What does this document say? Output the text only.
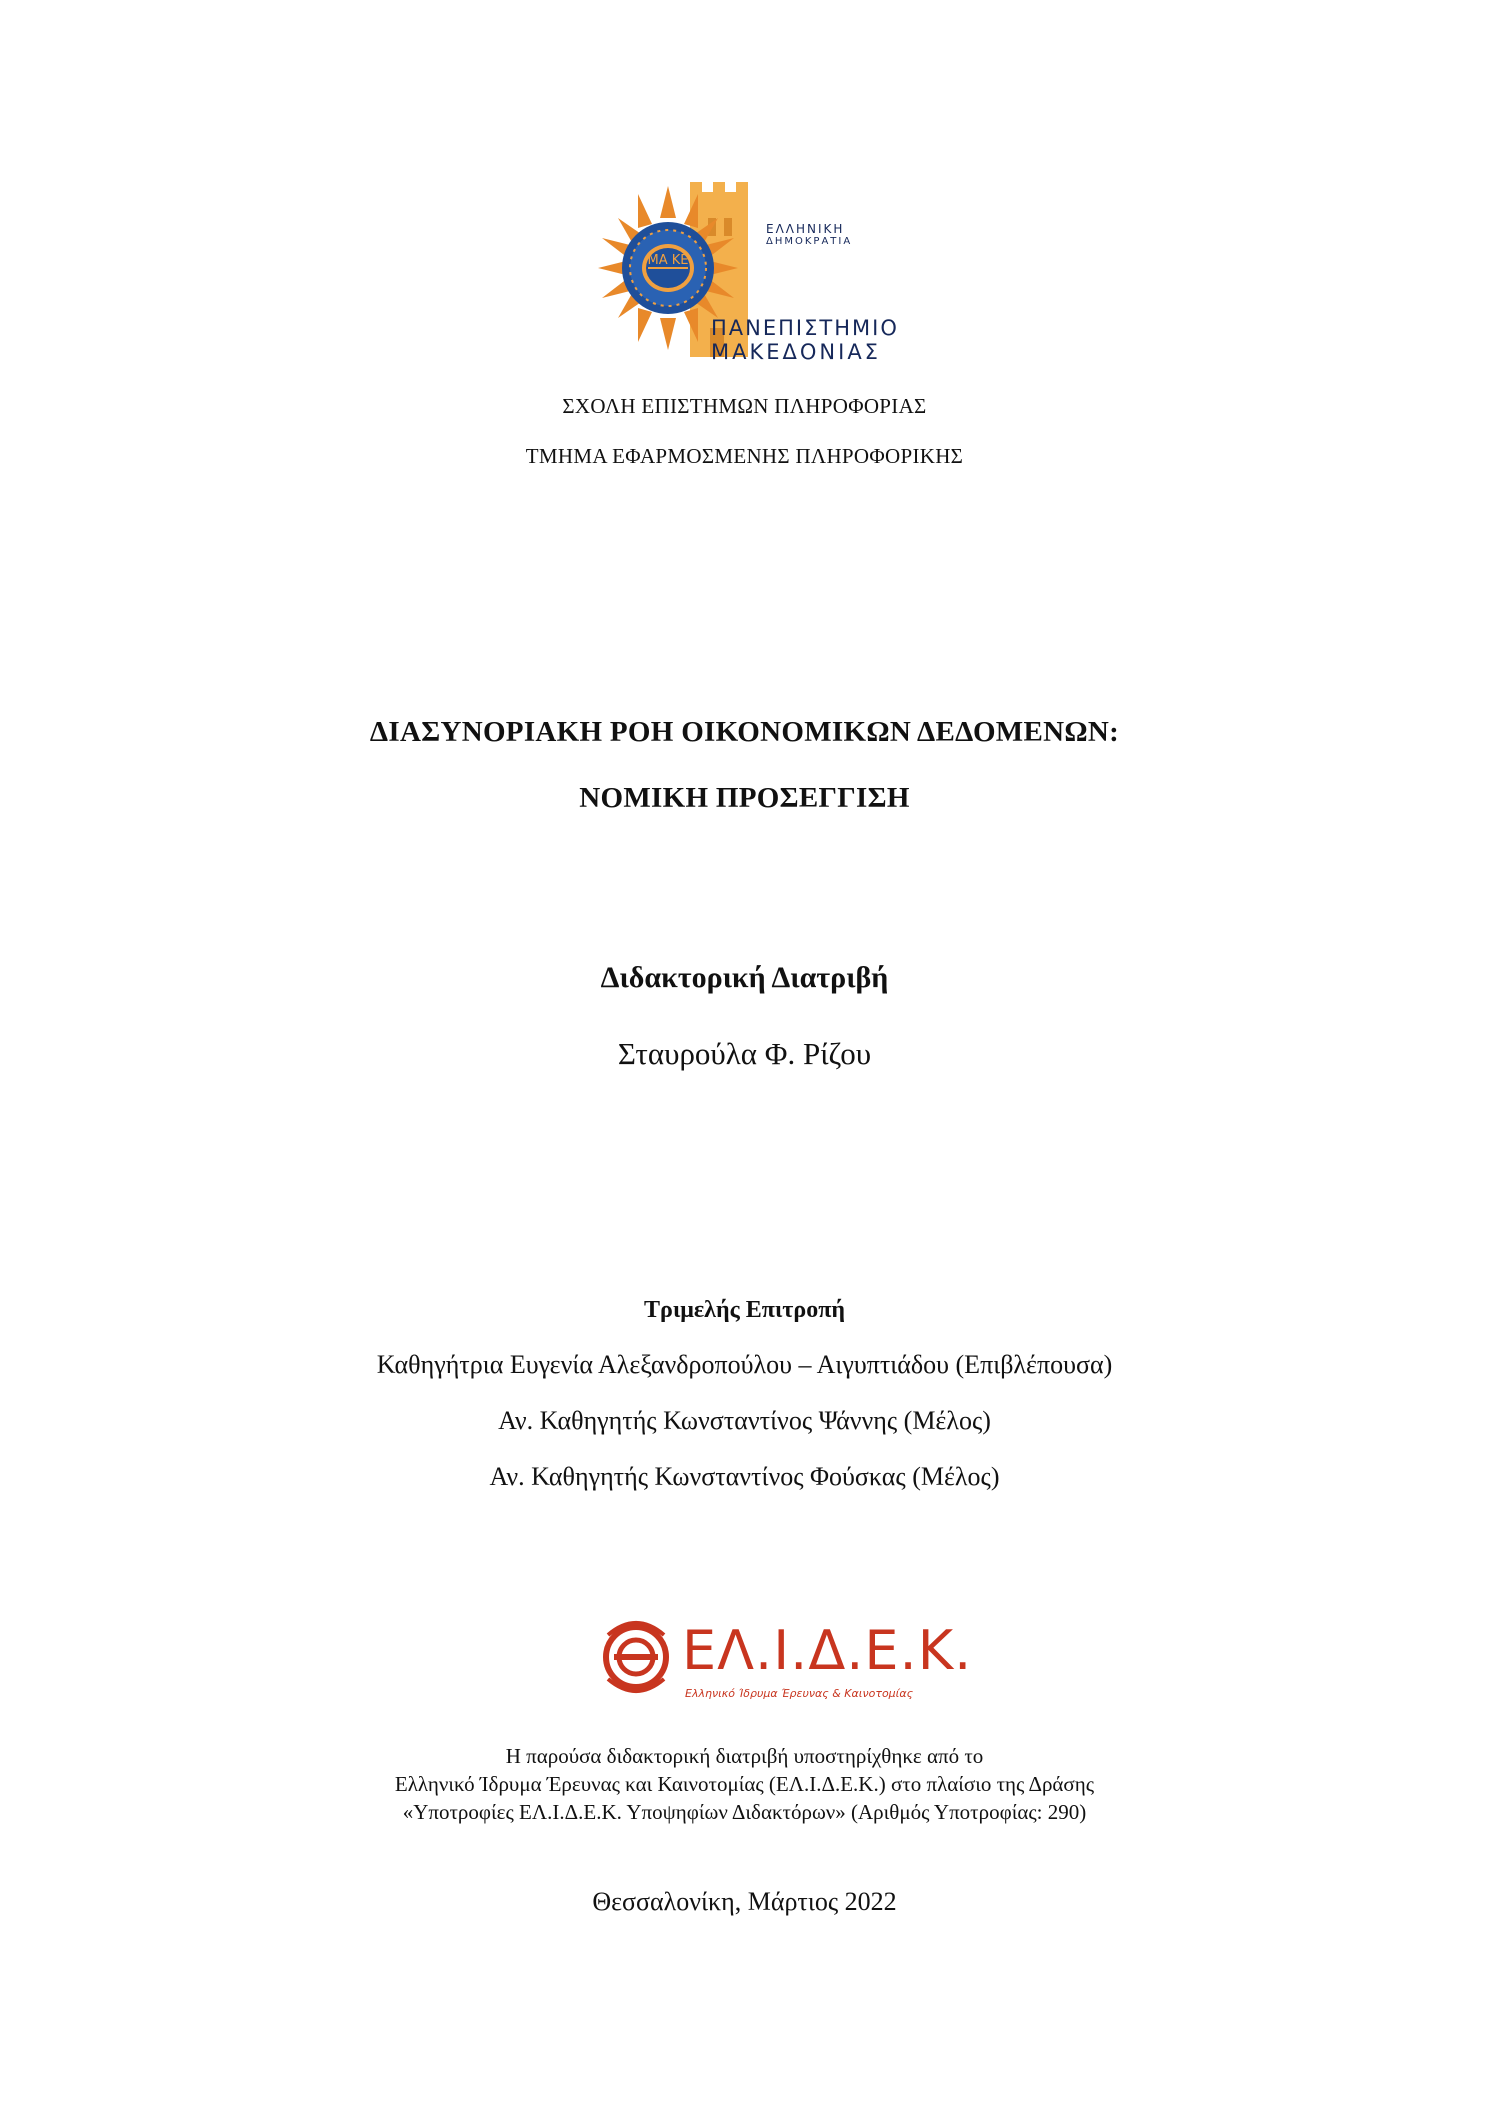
ΜΑ ΚΕ
ΕΛΛΗΝΙΚΗ
ΔΗΜΟΚΡΑΤΙΑ
ΠΑΝΕΠΙΣΤΗΜΙΟ
ΜΑΚΕΔΟΝΙΑΣ
ΣΧΟΛΗ ΕΠΙΣΤΗΜΩΝ ΠΛΗΡΟΦΟΡΙΑΣ
ΤΜΗΜΑ ΕΦΑΡΜΟΣΜΕΝΗΣ ΠΛΗΡΟΦΟΡΙΚΗΣ
ΔΙΑΣΥΝΟΡΙΑΚΗ ΡΟΗ ΟΙΚΟΝΟΜΙΚΩΝ ΔΕΔΟΜΕΝΩΝ:
ΝΟΜΙΚΗ ΠΡΟΣΕΓΓΙΣΗ
Διδακτορική Διατριβή
Σταυρούλα Φ. Ρίζου
Τριμελής Επιτροπή
Καθηγήτρια Ευγενία Αλεξανδροπούλου – Αιγυπτιάδου (Επιβλέπουσα)
Αν. Καθηγητής Κωνσταντίνος Ψάννης (Μέλος)
Αν. Καθηγητής Κωνσταντίνος Φούσκας (Μέλος)
ΕΛ.Ι.Δ.Ε.Κ.
Ελληνικό Ίδρυμα Έρευνας & Καινοτομίας
Η παρούσα διδακτορική διατριβή υποστηρίχθηκε από το
Ελληνικό Ίδρυμα Έρευνας και Καινοτομίας (ΕΛ.Ι.Δ.Ε.Κ.) στο πλαίσιο της Δράσης
«Υποτροφίες ΕΛ.Ι.Δ.Ε.Κ. Υποψηφίων Διδακτόρων» (Αριθμός Υποτροφίας: 290)
Θεσσαλονίκη, Μάρτιος 2022
